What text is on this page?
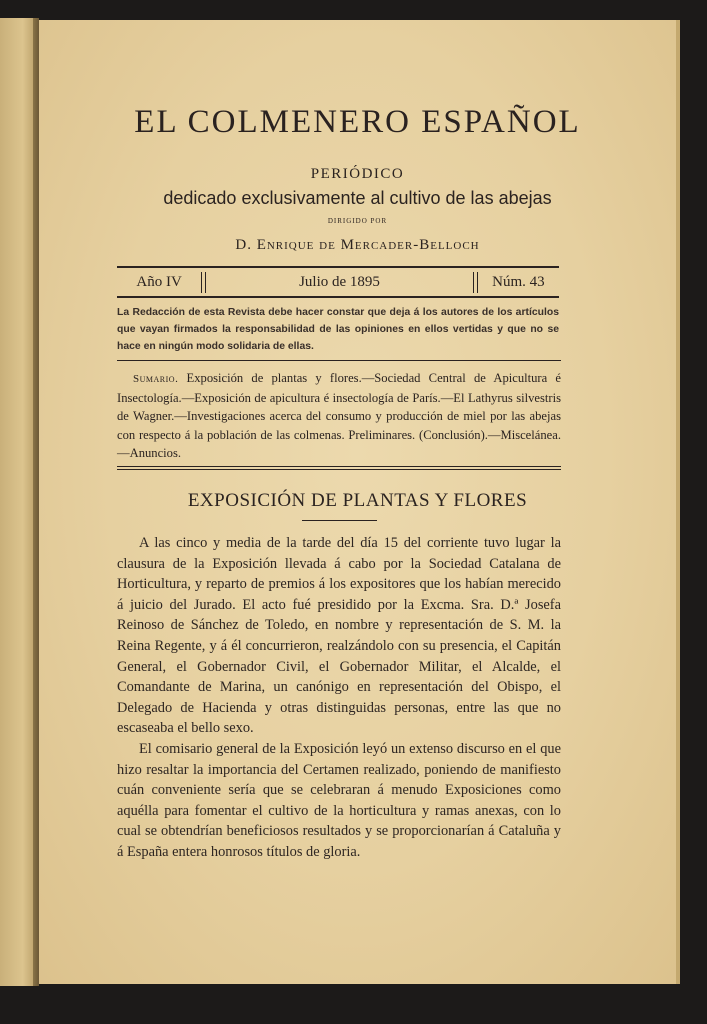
EL COLMENERO ESPAÑOL
PERIÓDICO
dedicado exclusivamente al cultivo de las abejas
DIRIGIDO POR
D. Enrique de Mercader-Belloch
Año IV	Julio de 1895	Núm. 43
La Redacción de esta Revista debe hacer constar que deja á los autores de los artículos que vayan firmados la responsabilidad de las opiniones en ellos vertidas y que no se hace en ningún modo solidaria de ellas.
Sumario. Exposición de plantas y flores.—Sociedad Central de Apicultura é Insectología.—Exposición de apicultura é insectología de París.—El Lathyrus silvestris de Wagner.—Investigaciones acerca del consumo y producción de miel por las abejas con respecto á la población de las colmenas. Preliminares. (Conclusión).—Miscelánea.—Anuncios.
EXPOSICIÓN DE PLANTAS Y FLORES

A las cinco y media de la tarde del día 15 del corriente tuvo lugar la clausura de la Exposición llevada á cabo por la Sociedad Catalana de Horticultura, y reparto de premios á los expositores que los habían merecido á juicio del Jurado. El acto fué presidido por la Excma. Sra. D.ª Josefa Reinoso de Sánchez de Toledo, en nombre y representación de S. M. la Reina Regente, y á él concurrieron, realzándolo con su presencia, el Capitán General, el Gobernador Civil, el Gobernador Militar, el Alcalde, el Comandante de Marina, un canónigo en representación del Obispo, el Delegado de Hacienda y otras distinguidas personas, entre las que no escaseaba el bello sexo.

El comisario general de la Exposición leyó un extenso discurso en el que hizo resaltar la importancia del Certamen realizado, poniendo de manifiesto cuán conveniente sería que se celebraran á menudo Exposiciones como aquélla para fomentar el cultivo de la horticultura y ramas anexas, con lo cual se obtendrían beneficiosos resultados y se proporcionarían á Cataluña y á España entera honrosos títulos de gloria.
